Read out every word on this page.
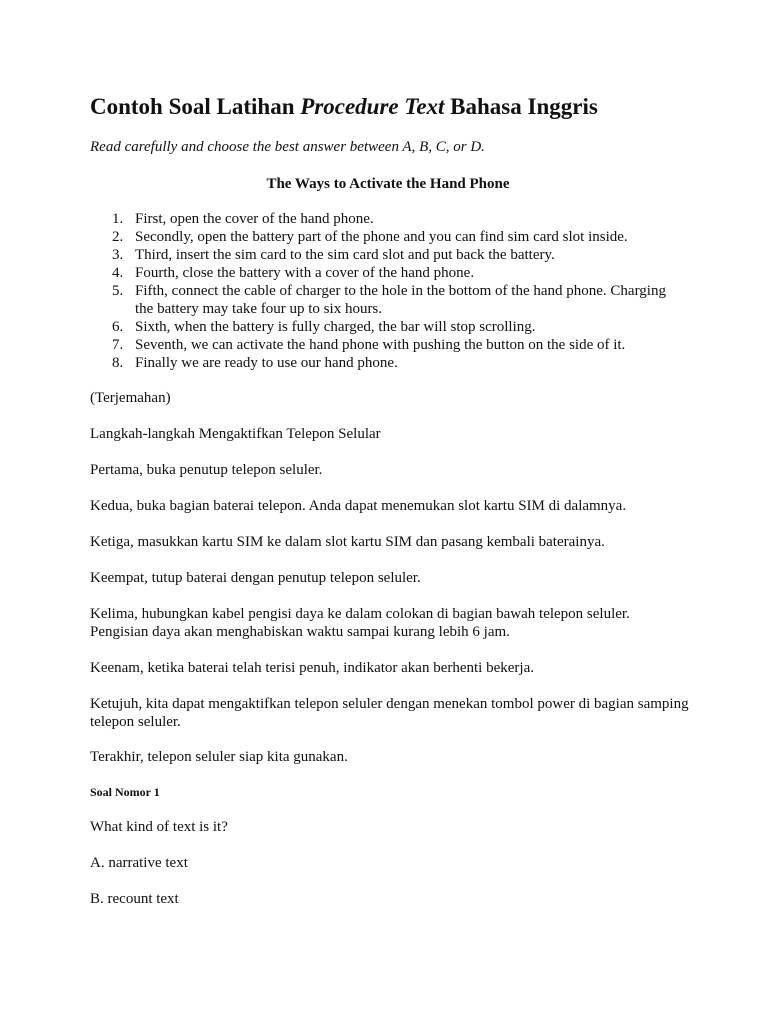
Contoh Soal Latihan Procedure Text Bahasa Inggris
Read carefully and choose the best answer between A, B, C, or D.
The Ways to Activate the Hand Phone
1. First, open the cover of the hand phone.
2. Secondly, open the battery part of the phone and you can find sim card slot inside.
3. Third, insert the sim card to the sim card slot and put back the battery.
4. Fourth, close the battery with a cover of the hand phone.
5. Fifth, connect the cable of charger to the hole in the bottom of the hand phone. Charging the battery may take four up to six hours.
6. Sixth, when the battery is fully charged, the bar will stop scrolling.
7. Seventh, we can activate the hand phone with pushing the button on the side of it.
8. Finally we are ready to use our hand phone.

(Terjemahan)

Langkah-langkah Mengaktifkan Telepon Selular

Pertama, buka penutup telepon seluler.

Kedua, buka bagian baterai telepon. Anda dapat menemukan slot kartu SIM di dalamnya.

Ketiga, masukkan kartu SIM ke dalam slot kartu SIM dan pasang kembali baterainya.

Keempat, tutup baterai dengan penutup telepon seluler.

Kelima, hubungkan kabel pengisi daya ke dalam colokan di bagian bawah telepon seluler. Pengisian daya akan menghabiskan waktu sampai kurang lebih 6 jam.

Keenam, ketika baterai telah terisi penuh, indikator akan berhenti bekerja.

Ketujuh, kita dapat mengaktifkan telepon seluler dengan menekan tombol power di bagian samping telepon seluler.

Terakhir, telepon seluler siap kita gunakan.

Soal Nomor 1

What kind of text is it?

A. narrative text

B. recount text
